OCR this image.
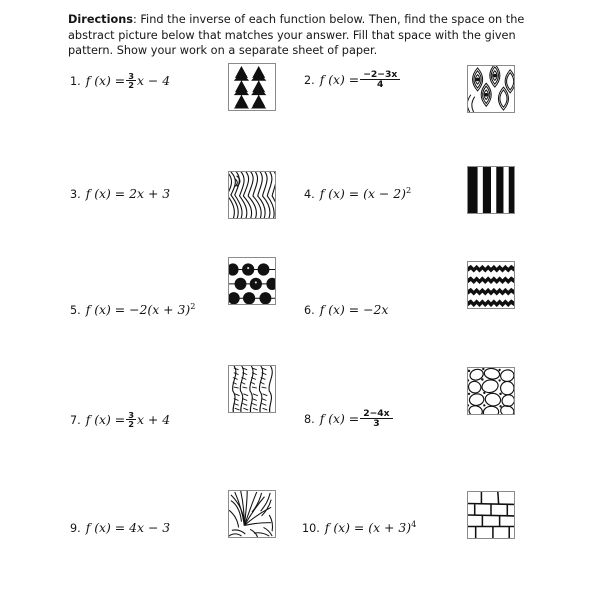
Directions: Find the inverse of each function below. Then, find the space on the abstract picture below that matches your answer. Fill that space with the given pattern. Show your work on a separate sheet of paper.
1. f $(x) = \frac{3}{2}$ x − 4	2. f $(x) = \frac{-2-3x}{4}$
3. f (x) =
2x + 3	4. f (x) =
(x − 2) 2
5. f (x) =
−2(x + 3) 2	6. f (x) =
−2x
7. f $(x) = \frac{3}{2}$ x + 4	8. f $(x) = \frac{2-4x}{3}$
9. f (x) =
4x − 3	10. f (x) =
(x + 3) 4
